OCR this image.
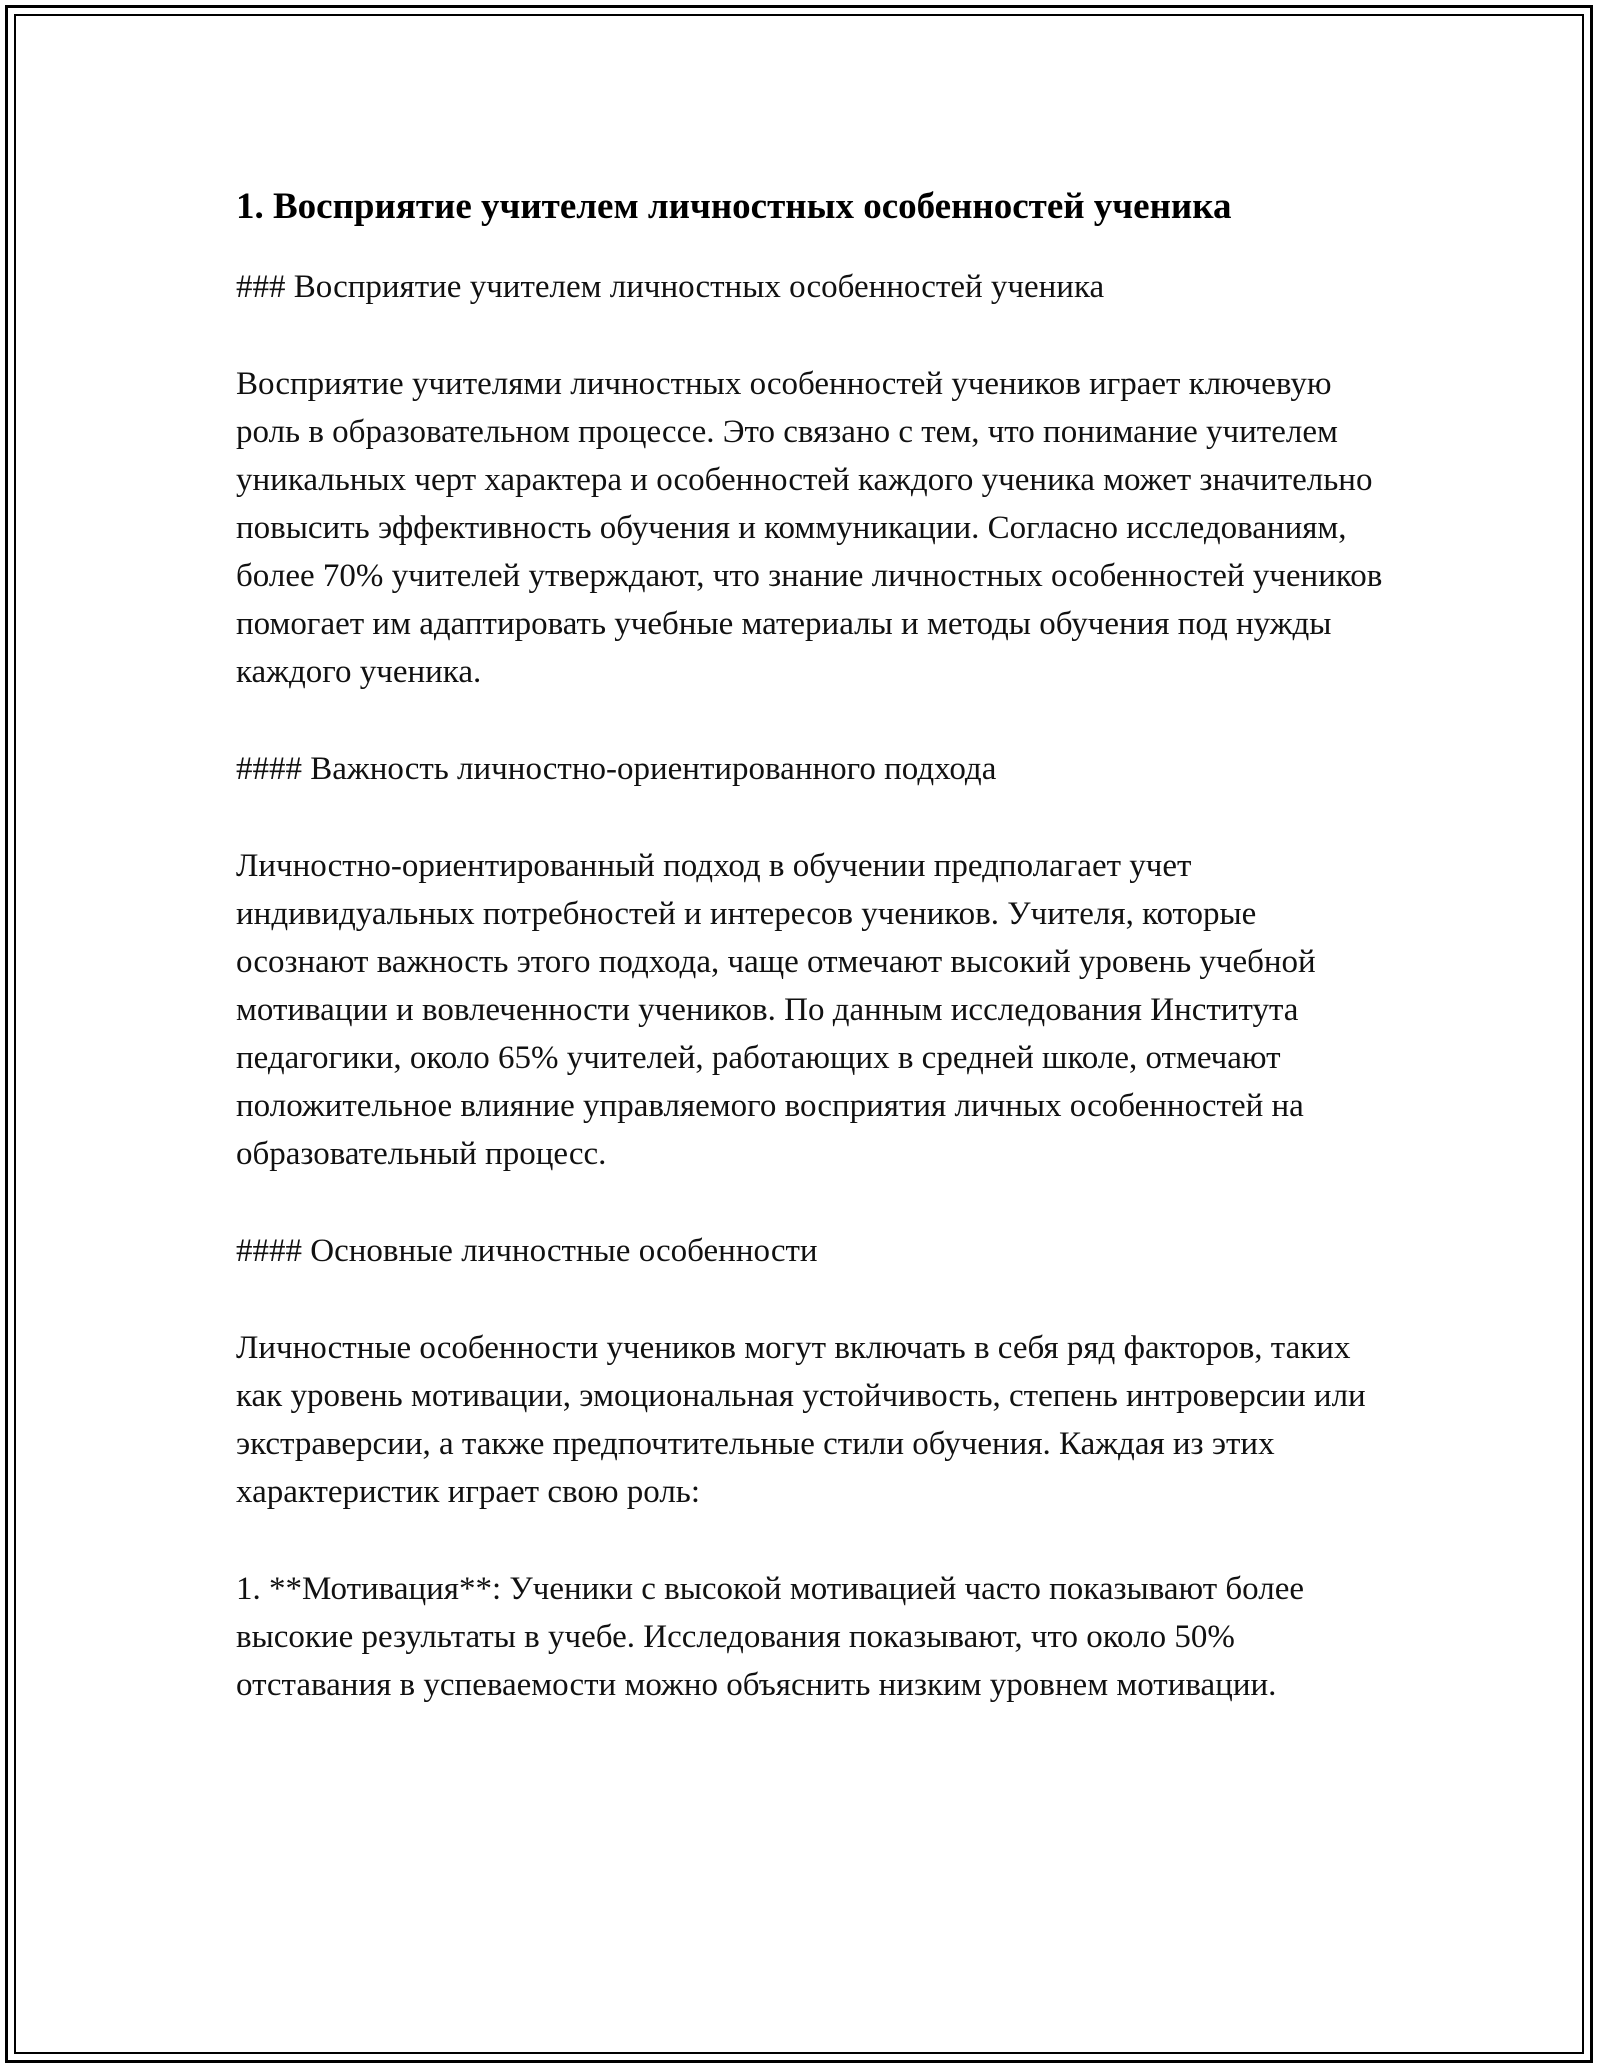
1. Восприятие учителем личностных особенностей ученика
### Восприятие учителем личностных особенностей ученика

Восприятие учителями личностных особенностей учеников играет ключевую роль в образовательном процессе. Это связано с тем, что понимание учителем уникальных черт характера и особенностей каждого ученика может значительно повысить эффективность обучения и коммуникации. Согласно исследованиям, более 70% учителей утверждают, что знание личностных особенностей учеников помогает им адаптировать учебные материалы и методы обучения под нужды каждого ученика.

#### Важность личностно-ориентированного подхода

Личностно-ориентированный подход в обучении предполагает учет индивидуальных потребностей и интересов учеников. Учителя, которые осознают важность этого подхода, чаще отмечают высокий уровень учебной мотивации и вовлеченности учеников. По данным исследования Института педагогики, около 65% учителей, работающих в средней школе, отмечают положительное влияние управляемого восприятия личных особенностей на образовательный процесс.

#### Основные личностные особенности

Личностные особенности учеников могут включать в себя ряд факторов, таких как уровень мотивации, эмоциональная устойчивость, степень интроверсии или экстраверсии, а также предпочтительные стили обучения. Каждая из этих характеристик играет свою роль:

1. **Мотивация**: Ученики с высокой мотивацией часто показывают более высокие результаты в учебе. Исследования показывают, что около 50% отставания в успеваемости можно объяснить низким уровнем мотивации.
